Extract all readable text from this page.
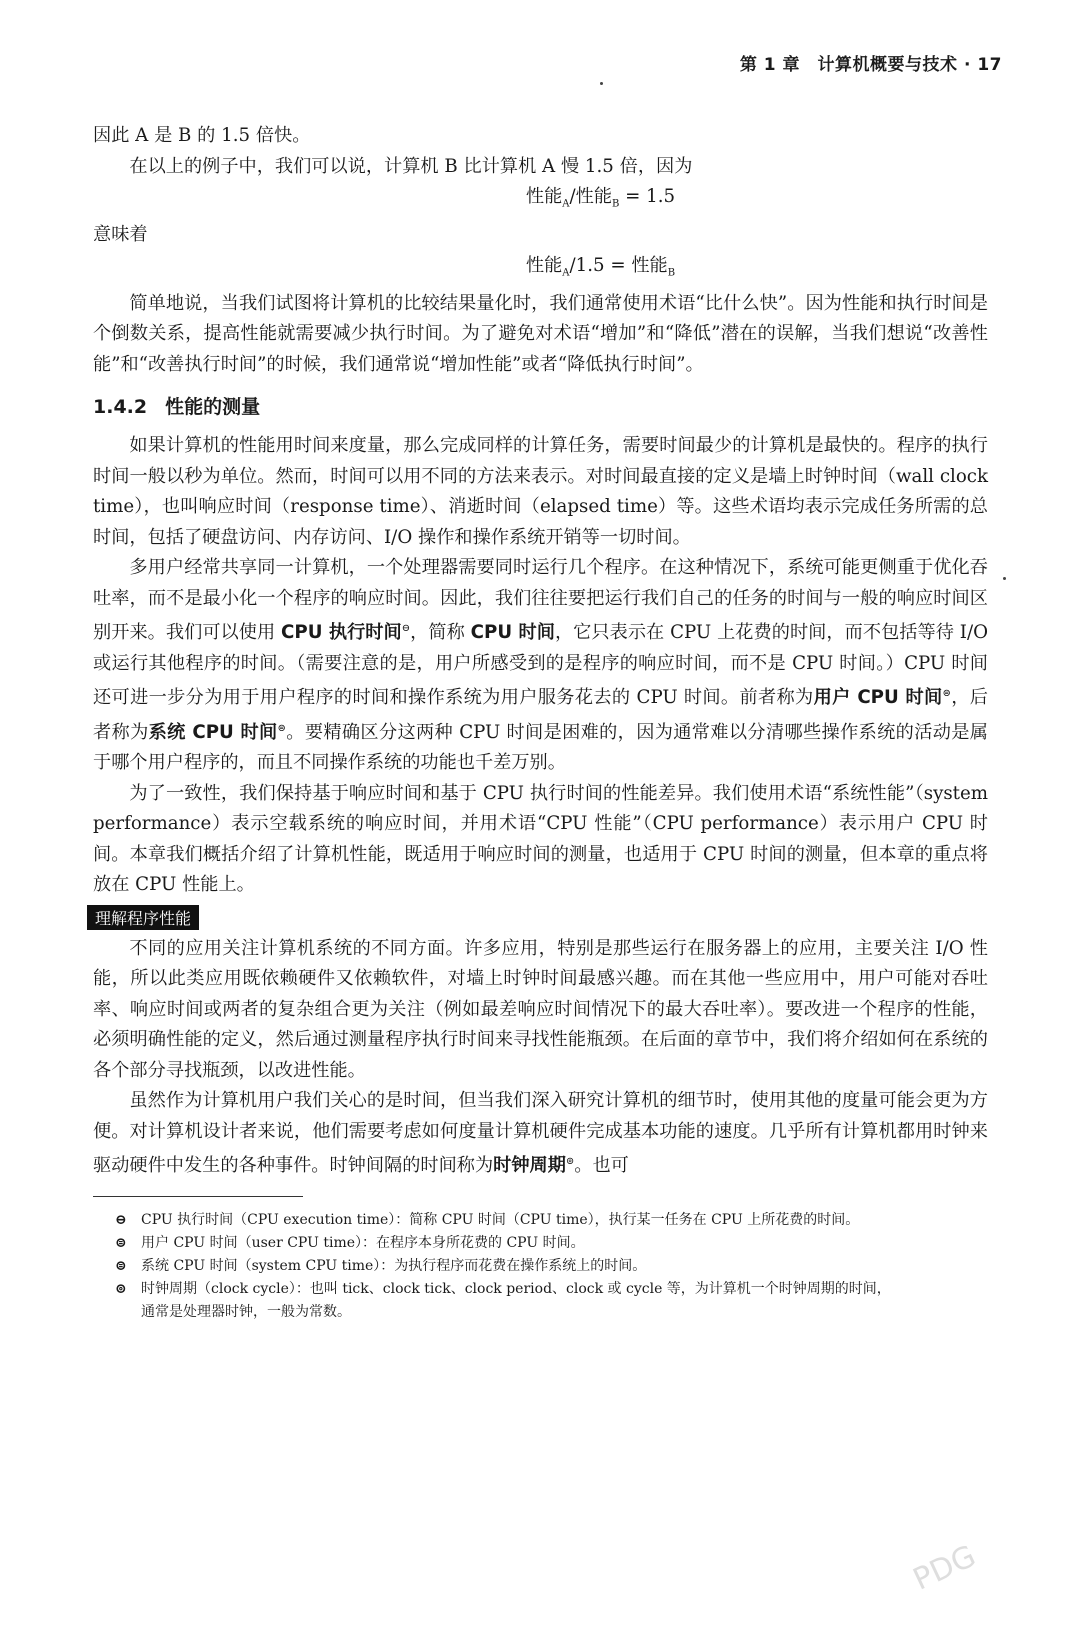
第 1 章　计算机概要与技术 · 17

因此 A 是 B 的 1.5 倍快。

在以上的例子中，我们可以说，计算机 B 比计算机 A 慢 1.5 倍，因为

性能$_A$/性能$_B$ = 1.5

意味着

性能$_A$/1.5 = 性能$_B$

简单地说，当我们试图将计算机的比较结果量化时，我们通常使用术语“比什么快”。因为性能和执行时间是个倒数关系，提高性能就需要减少执行时间。为了避免对术语“增加”和“降低”潜在的误解，当我们想说“改善性能”和“改善执行时间”的时候，我们通常说“增加性能”或者“降低执行时间”。

1.4.2 性能的测量

如果计算机的性能用时间来度量，那么完成同样的计算任务，需要时间最少的计算机是最快的。程序的执行时间一般以秒为单位。然而，时间可以用不同的方法来表示。对时间最直接的定义是墙上时钟时间（wall clock time），也叫响应时间（response time）、消逝时间（elapsed time）等。这些术语均表示完成任务所需的总时间，包括了硬盘访问、内存访问、I/O 操作和操作系统开销等一切时间。

多用户经常共享同一计算机，一个处理器需要同时运行几个程序。在这种情况下，系统可能更侧重于优化吞吐率，而不是最小化一个程序的响应时间。因此，我们往往要把运行我们自己的任务的时间与一般的响应时间区别开来。我们可以使用 CPU 执行时间⊖，简称 CPU 时间，它只表示在 CPU 上花费的时间，而不包括等待 I/O 或运行其他程序的时间。（需要注意的是，用户所感受到的是程序的响应时间，而不是 CPU 时间。）CPU 时间还可进一步分为用于用户程序的时间和操作系统为用户服务花去的 CPU 时间。前者称为用户 CPU 时间⊜，后者称为系统 CPU 时间⊜。要精确区分这两种 CPU 时间是困难的，因为通常难以分清哪些操作系统的活动是属于哪个用户程序的，而且不同操作系统的功能也千差万别。

为了一致性，我们保持基于响应时间和基于 CPU 执行时间的性能差异。我们使用术语“系统性能”（system performance）表示空载系统的响应时间，并用术语“CPU 性能”（CPU performance）表示用户 CPU 时间。本章我们概括介绍了计算机性能，既适用于响应时间的测量，也适用于 CPU 时间的测量，但本章的重点将放在 CPU 性能上。

理解程序性能

不同的应用关注计算机系统的不同方面。许多应用，特别是那些运行在服务器上的应用，主要关注 I/O 性能，所以此类应用既依赖硬件又依赖软件，对墙上时钟时间最感兴趣。而在其他一些应用中，用户可能对吞吐率、响应时间或两者的复杂组合更为关注（例如最差响应时间情况下的最大吞吐率）。要改进一个程序的性能，必须明确性能的定义，然后通过测量程序执行时间来寻找性能瓶颈。在后面的章节中，我们将介绍如何在系统的各个部分寻找瓶颈，以改进性能。

虽然作为计算机用户我们关心的是时间，但当我们深入研究计算机的细节时，使用其他的度量可能会更为方便。对计算机设计者来说，他们需要考虑如何度量计算机硬件完成基本功能的速度。几乎所有计算机都用时钟来驱动硬件中发生的各种事件。时钟间隔的时间称为时钟周期⊚。也可

⊖ CPU 执行时间（CPU execution time）：简称 CPU 时间（CPU time），执行某一任务在 CPU 上所花费的时间。

⊜ 用户 CPU 时间（user CPU time）：在程序本身所花费的 CPU 时间。

⊜ 系统 CPU 时间（system CPU time）：为执行程序而花费在操作系统上的时间。

⊚ 时钟周期（clock cycle）：也叫 tick、clock tick、clock period、clock 或 cycle 等，为计算机一个时钟周期的时间，

通常是处理器时钟，一般为常数。

PDG
